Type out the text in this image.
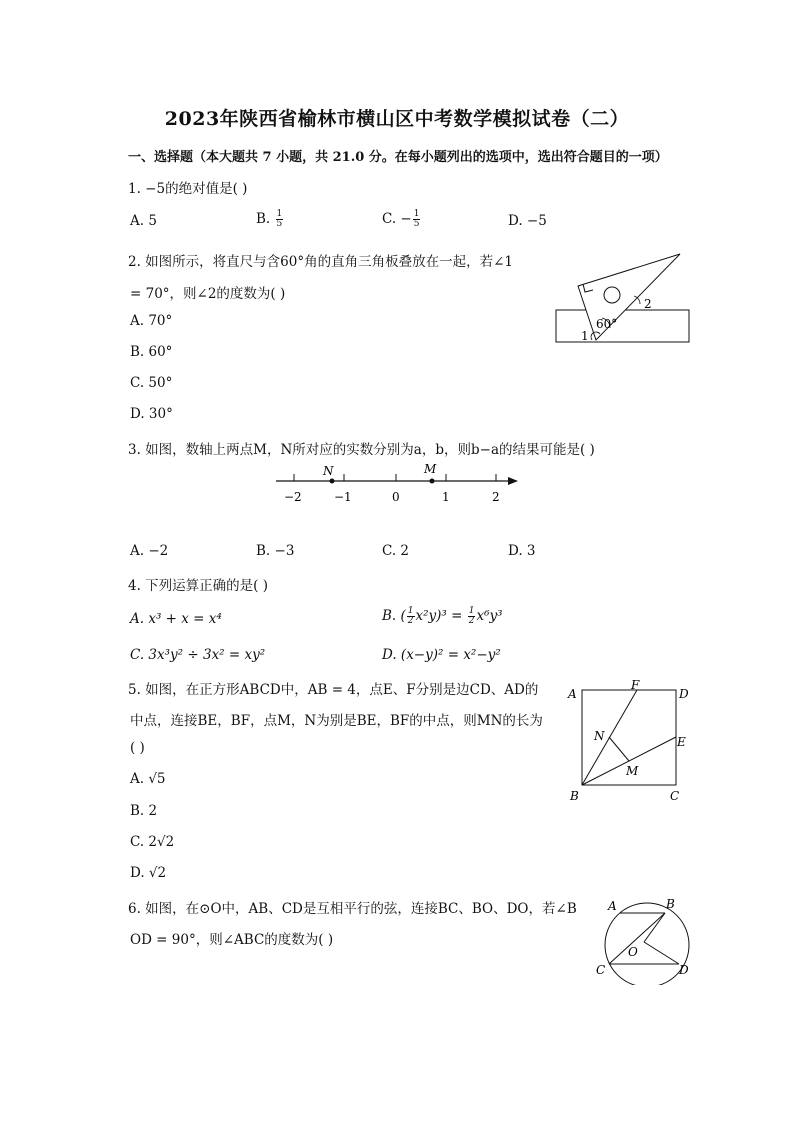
2023年陕西省榆林市横山区中考数学模拟试卷（二）
一、选择题（本大题共 7 小题，共 21.0 分。在每小题列出的选项中，选出符合题目的一项）
1. −5的绝对值是( )
A. 5	B. $\frac{1}{5}$	C. − $\frac{1}{5}$	D. −5
2. 如图所示，将直尺与含60°角的直角三角板叠放在一起，若∠1
= 70°，则∠2的度数为( )
A. 70°
B. 60°
C. 50°
D. 30°
60°
2
1
3. 如图，数轴上两点M，N所对应的实数分别为a，b，则b−a的结果可能是( )
−2	−1	0	1	2
N	M
A. −2	B. −3	C. 2	D. 3
4. 下列运算正确的是( )
A. x³ + x = x⁴	B. ( $\frac{1}{2} x^2y)^3 = \frac{1}{2} x^6y^3$
C. 3x³y² ÷ 3x² = xy²	D. (x−y)² = x²−y²
5. 如图，在正方形ABCD中，AB = 4，点E、F分别是边CD、AD的
中点，连接BE，BF，点M，N为别是BE，BF的中点，则MN的长为
( )
A. √5
B. 2
C. 2√2
D. √2
A
F
D
E
N
M
B	C
6. 如图，在⊙O中，AB、CD是互相平行的弦，连接BC、BO、DO，若∠B
OD = 90°，则∠ABC的度数为( )
A	B
C	D
O
